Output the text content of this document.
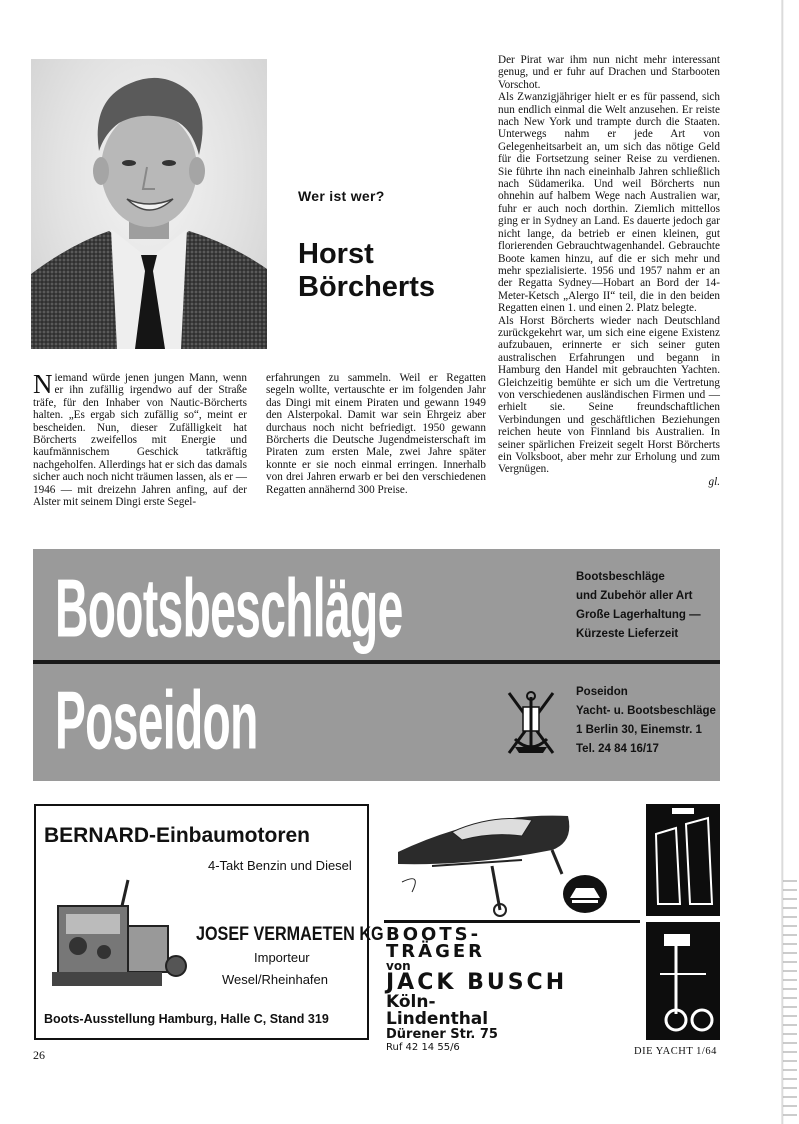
Wer ist wer?
Horst
Börcherts
N iemand würde jenen jungen Mann, wenn er ihn zufällig irgendwo auf der Straße träfe, für den Inhaber von Nautic-Börcherts halten. „Es ergab sich zufällig so“, meint er bescheiden. Nun, dieser Zufälligkeit hat Börcherts zweifellos mit Energie und kaufmännischem Geschick tatkräftig nachgeholfen. Allerdings hat er sich das damals sicher auch noch nicht träumen lassen, als er — 1946 — mit dreizehn Jahren anfing, auf der Alster mit seinem Dingi erste Segel-

erfahrungen zu sammeln. Weil er Regatten segeln wollte, vertauschte er im folgenden Jahr das Dingi mit einem Piraten und gewann 1949 den Alsterpokal. Damit war sein Ehrgeiz aber durchaus noch nicht befriedigt. 1950 gewann Börcherts die Deutsche Jugendmeisterschaft im Piraten zum ersten Male, zwei Jahre später konnte er sie noch einmal erringen. Innerhalb von drei Jahren erwarb er bei den verschiedenen Regatten annähernd 300 Preise.

Der Pirat war ihm nun nicht mehr interessant genug, und er fuhr auf Drachen und Starbooten Vorschot.

Als Zwanzigjähriger hielt er es für passend, sich nun endlich einmal die Welt anzusehen. Er reiste nach New York und trampte durch die Staaten. Unterwegs nahm er jede Art von Gelegenheitsarbeit an, um sich das nötige Geld für die Fortsetzung seiner Reise zu verdienen. Sie führte ihn nach eineinhalb Jahren schließlich nach Südamerika. Und weil Börcherts nun ohnehin auf halbem Wege nach Australien war, fuhr er auch noch dorthin. Ziemlich mittellos ging er in Sydney an Land. Es dauerte jedoch gar nicht lange, da betrieb er einen kleinen, gut florierenden Gebrauchtwagenhandel. Gebrauchte Boote kamen hinzu, auf die er sich mehr und mehr spezialisierte. 1956 und 1957 nahm er an der Regatta Sydney—Hobart an Bord der 14-Meter-Ketsch „Alergo II“ teil, die in den beiden Regatten einen 1. und einen 2. Platz belegte.

Als Horst Börcherts wieder nach Deutschland zurückgekehrt war, um sich eine eigene Existenz aufzubauen, erinnerte er sich seiner guten australischen Erfahrungen und begann in Hamburg den Handel mit gebrauchten Yachten. Gleichzeitig bemühte er sich um die Vertretung von verschiedenen ausländischen Firmen und — erhielt sie. Seine freundschaftlichen Verbindungen und geschäftlichen Beziehungen reichen heute von Finnland bis Australien. In seiner spärlichen Freizeit segelt Horst Börcherts ein Volksboot, aber mehr zur Erholung und zum Vergnügen.

gl.

Bootsbeschläge
Poseidon
Bootsbeschläge
und Zubehör aller Art
Große Lagerhaltung —
Kürzeste Lieferzeit
Poseidon
Yacht- u. Bootsbeschläge
1 Berlin 30, Einemstr. 1
Tel. 24 84 16/17
BERNARD-Einbaumotoren
4-Takt Benzin und Diesel
JOSEF VERMAETEN KG
Importeur
Wesel/Rheinhafen
Boots-Ausstellung Hamburg, Halle C, Stand 319
BOOTS-
TRÄGER
von
JACK BUSCH
Köln-
Lindenthal
Dürener Str. 75
Ruf 42 14 55/6
26	DIE YACHT 1/64
